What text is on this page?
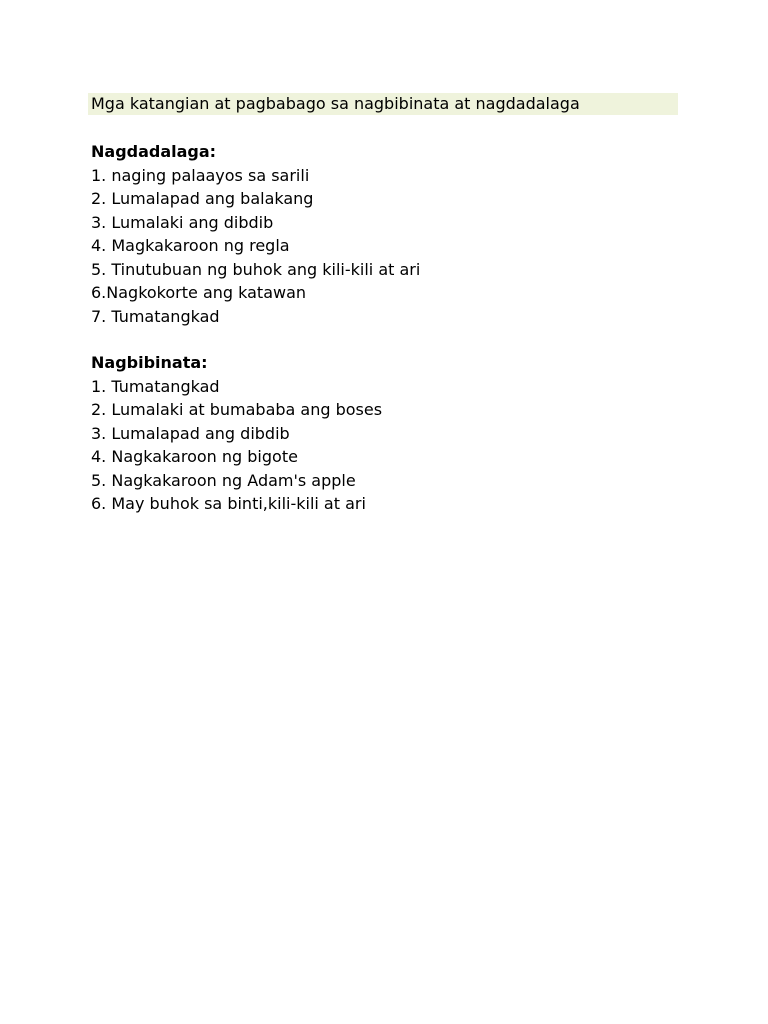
Mga katangian at pagbabago sa nagbibinata at nagdadalaga
Nagdadalaga:
1. naging palaayos sa sarili
2. Lumalapad ang balakang
3. Lumalaki ang dibdib
4. Magkakaroon ng regla
5. Tinutubuan ng buhok ang kili-kili at ari
6.Nagkokorte ang katawan
7. Tumatangkad
Nagbibinata:
1. Tumatangkad
2. Lumalaki at bumababa ang boses
3. Lumalapad ang dibdib
4. Nagkakaroon ng bigote
5. Nagkakaroon ng Adam's apple
6. May buhok sa binti,kili-kili at ari
